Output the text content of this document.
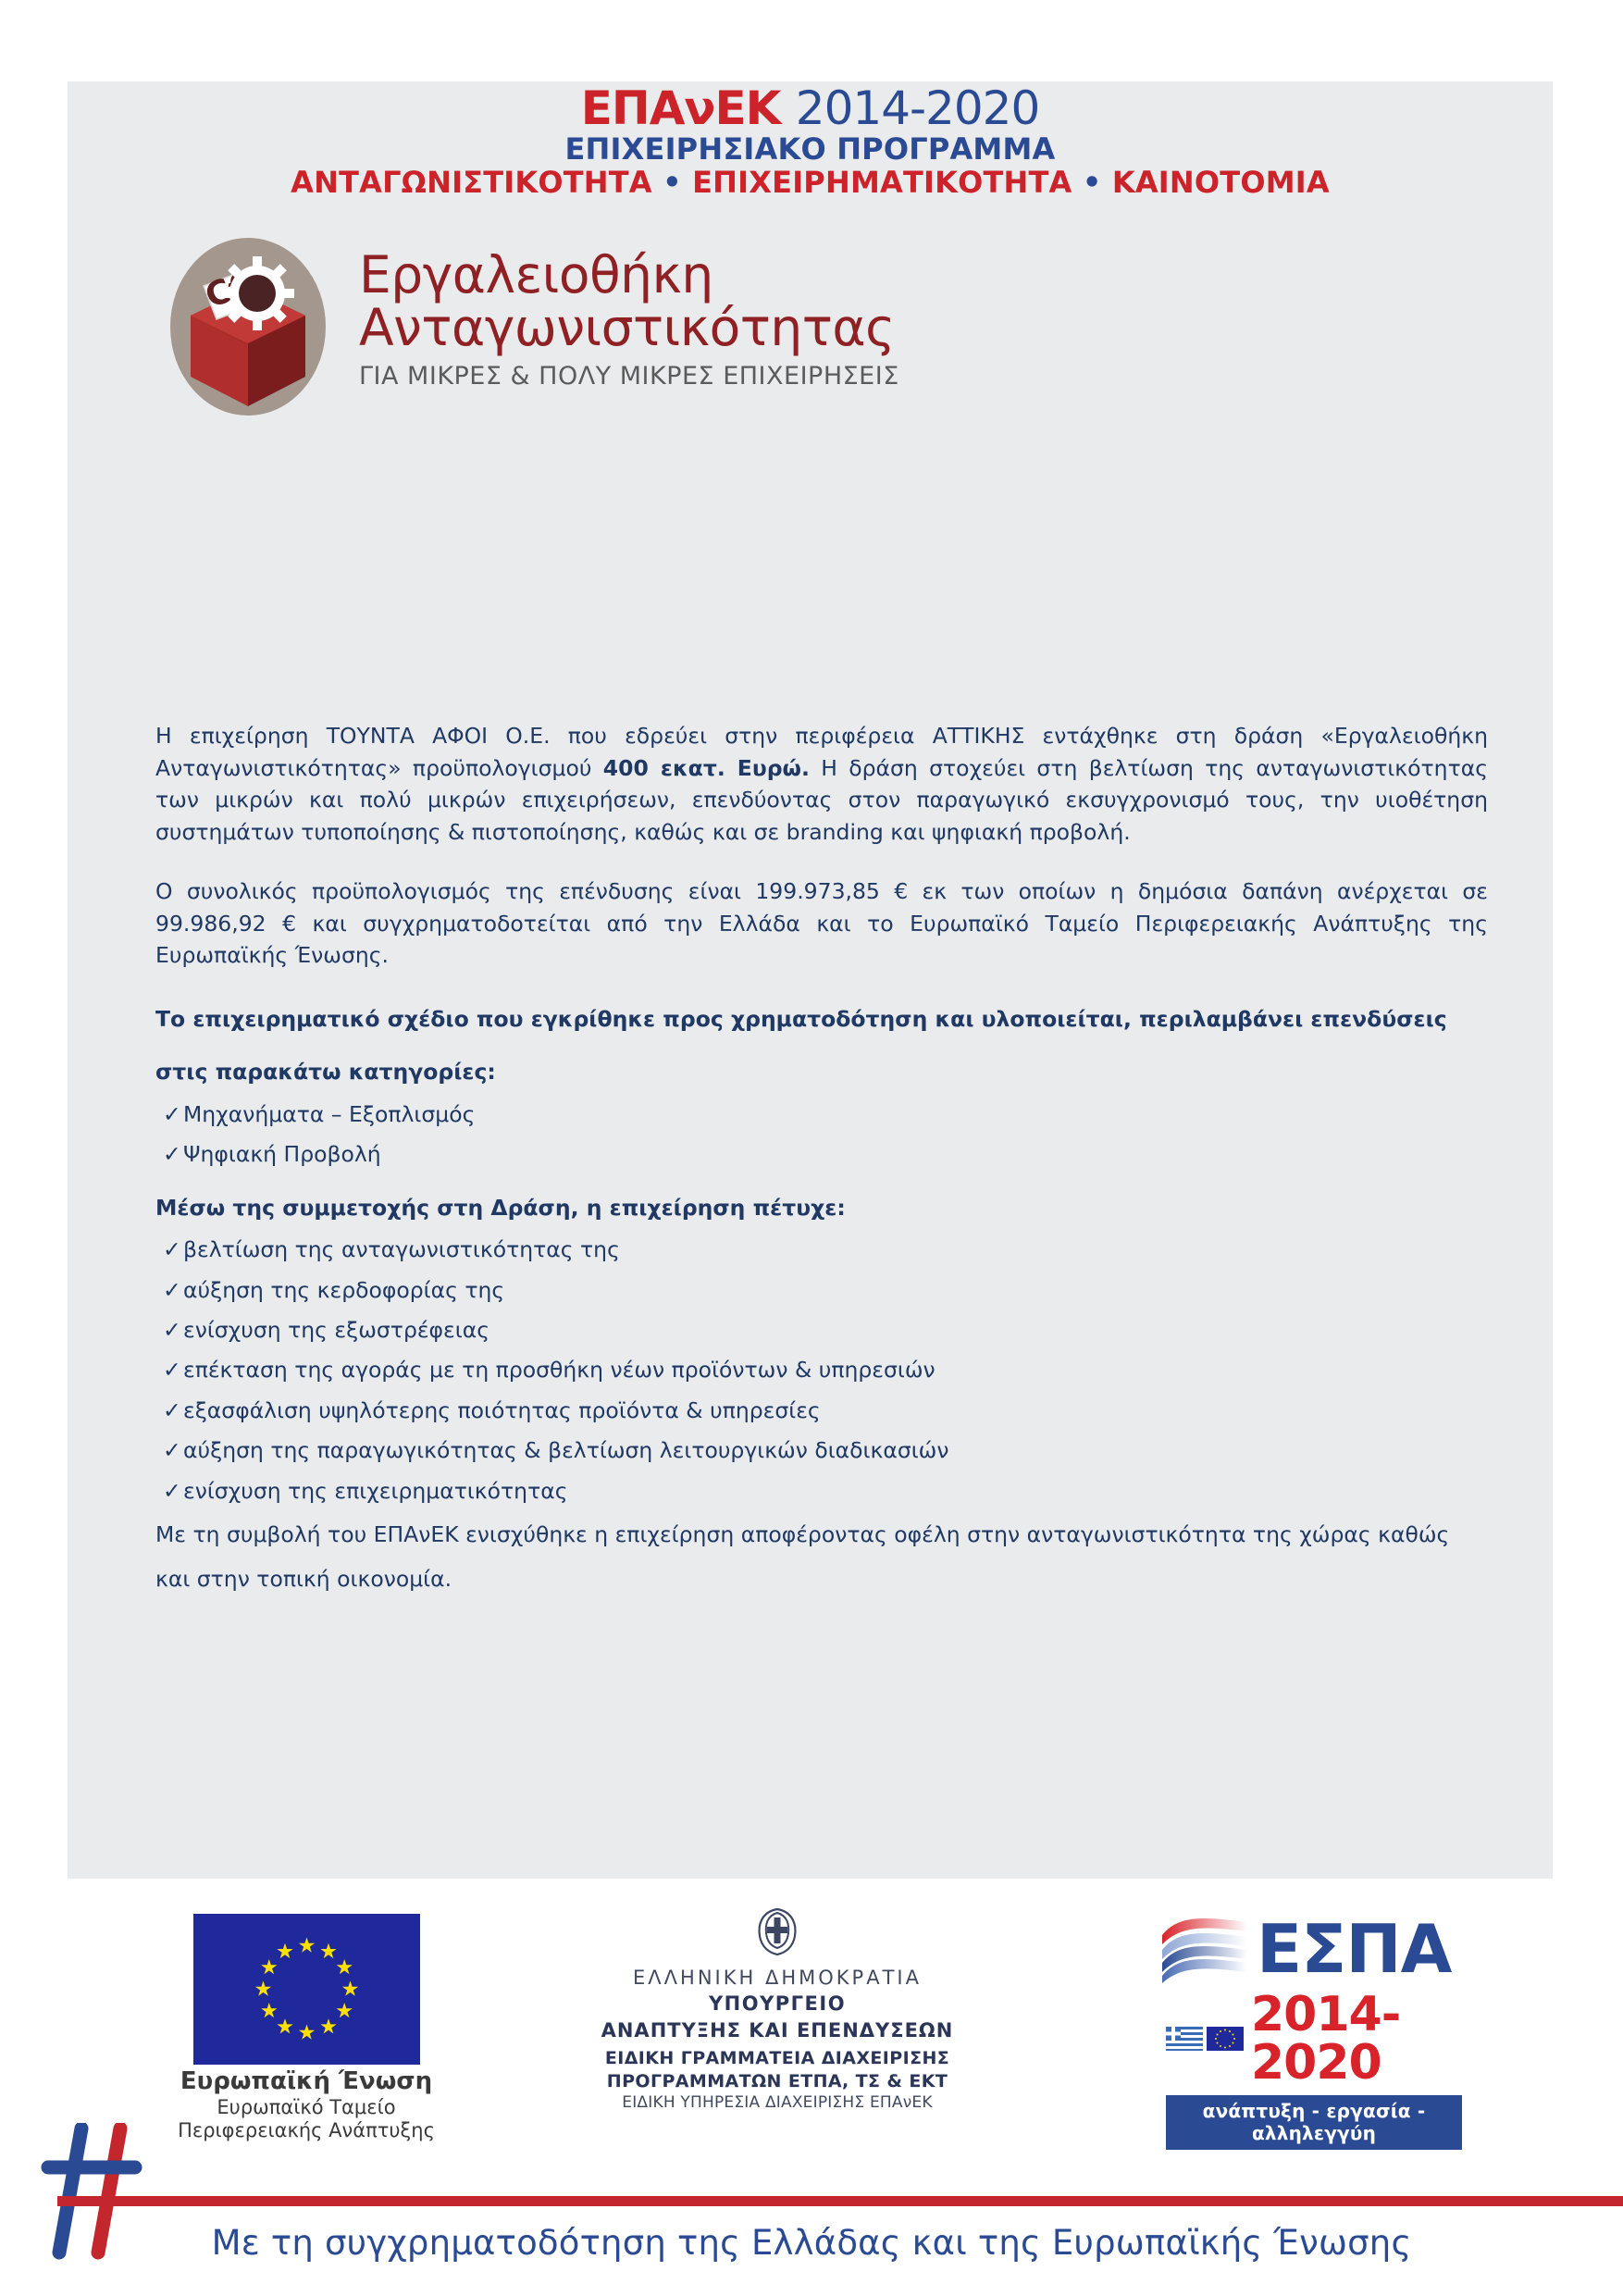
ΕΠΑνΕΚ 2014-2020
ΕΠΙΧΕΙΡΗΣΙΑΚΟ ΠΡΟΓΡΑΜΜΑ
ΑΝΤΑΓΩΝΙΣΤΙΚΟΤΗΤΑ • ΕΠΙΧΕΙΡΗΜΑΤΙΚΟΤΗΤΑ • ΚΑΙΝΟΤΟΜΙΑ
Εργαλειοθήκη
Ανταγωνιστικότητας
ΓΙΑ ΜΙΚΡΕΣ & ΠΟΛΥ ΜΙΚΡΕΣ ΕΠΙΧΕΙΡΗΣΕΙΣ

Η επιχείρηση ΤΟΥΝΤΑ ΑΦΟΙ Ο.Ε. που εδρεύει στην περιφέρεια ΑΤΤΙΚΗΣ εντάχθηκε στη δράση «Εργαλειοθήκη Ανταγωνιστικότητας» προϋπολογισμού 400 εκατ. Ευρώ. Η δράση στοχεύει στη βελτίωση της ανταγωνιστικότητας των μικρών και πολύ μικρών επιχειρήσεων, επενδύοντας στον παραγωγικό εκσυγχρονισμό τους, την υιοθέτηση συστημάτων τυποποίησης & πιστοποίησης, καθώς και σε branding και ψηφιακή προβολή.

Ο συνολικός προϋπολογισμός της επένδυσης είναι 199.973,85 € εκ των οποίων η δημόσια δαπάνη ανέρχεται σε 99.986,92 € και συγχρηματοδοτείται από την Ελλάδα και το Ευρωπαϊκό Ταμείο Περιφερειακής Ανάπτυξης της Ευρωπαϊκής Ένωσης.

Το επιχειρηματικό σχέδιο που εγκρίθηκε προς χρηματοδότηση και υλοποιείται, περιλαμβάνει επενδύσεις
στις παρακάτω κατηγορίες:
✓Μηχανήματα – Εξοπλισμός
✓Ψηφιακή Προβολή
Μέσω της συμμετοχής στη Δράση, η επιχείρηση πέτυχε:
✓βελτίωση της ανταγωνιστικότητας της
✓αύξηση της κερδοφορίας της
✓ενίσχυση της εξωστρέφειας
✓επέκταση της αγοράς με τη προσθήκη νέων προϊόντων & υπηρεσιών
✓εξασφάλιση υψηλότερης ποιότητας προϊόντα & υπηρεσίες
✓αύξηση της παραγωγικότητας & βελτίωση λειτουργικών διαδικασιών
✓ενίσχυση της επιχειρηματικότητας
Με τη συμβολή του ΕΠΑνΕΚ ενισχύθηκε η επιχείρηση αποφέροντας οφέλη στην ανταγωνιστικότητα της χώρας καθώς
και στην τοπική οικονομία.
Ευρωπαϊκή Ένωση
Ευρωπαϊκό Ταμείο
Περιφερειακής Ανάπτυξης
ΕΛΛΗΝΙΚΗ ΔΗΜΟΚΡΑΤΙΑ
ΥΠΟΥΡΓΕΙΟ
ΑΝΑΠΤΥΞΗΣ ΚΑΙ ΕΠΕΝΔΥΣΕΩΝ
ΕΙΔΙΚΗ ΓΡΑΜΜΑΤΕΙΑ ΔΙΑΧΕΙΡΙΣΗΣ
ΠΡΟΓΡΑΜΜΑΤΩΝ ΕΤΠΑ, ΤΣ & ΕΚΤ
ΕΙΔΙΚΗ ΥΠΗΡΕΣΙΑ ΔΙΑΧΕΙΡΙΣΗΣ ΕΠΑνΕΚ
ΕΣΠΑ
2014-2020
ανάπτυξη - εργασία - αλληλεγγύη
Με τη συγχρηματοδότηση της Ελλάδας και της Ευρωπαϊκής Ένωσης
